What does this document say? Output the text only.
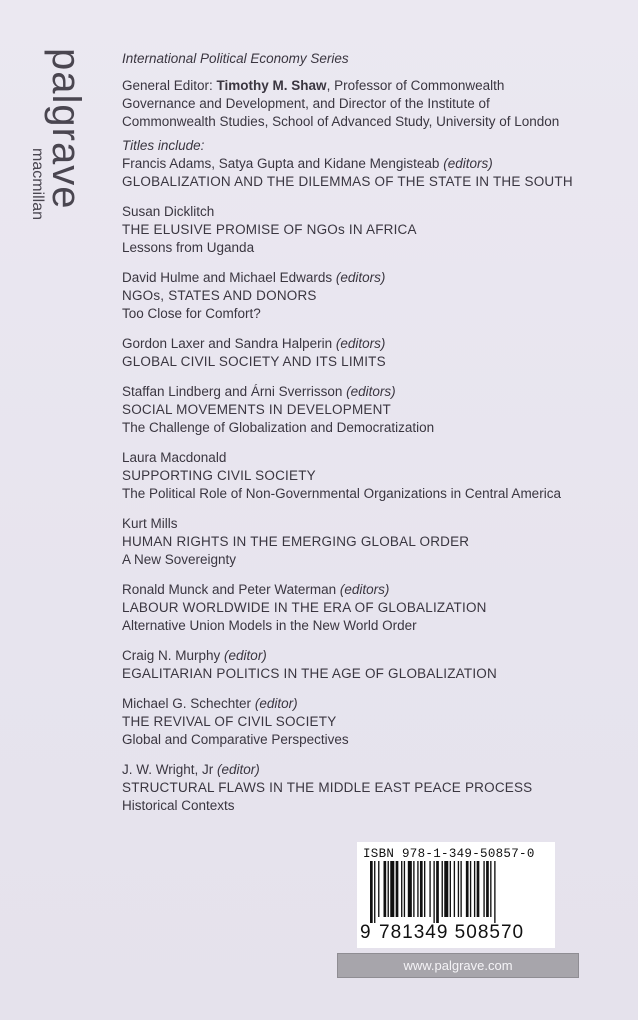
palgrave
macmillan

International Political Economy Series

General Editor: Timothy M. Shaw, Professor of Commonwealth
Governance and Development, and Director of the Institute of
Commonwealth Studies, School of Advanced Study, University of London

Titles include:

Francis Adams, Satya Gupta and Kidane Mengisteab (editors)
GLOBALIZATION AND THE DILEMMAS OF THE STATE IN THE SOUTH
Susan Dicklitch
THE ELUSIVE PROMISE OF NGOs IN AFRICA
Lessons from Uganda
David Hulme and Michael Edwards (editors)
NGOs, STATES AND DONORS
Too Close for Comfort?
Gordon Laxer and Sandra Halperin (editors)
GLOBAL CIVIL SOCIETY AND ITS LIMITS
Staffan Lindberg and Árni Sverrisson (editors)
SOCIAL MOVEMENTS IN DEVELOPMENT
The Challenge of Globalization and Democratization
Laura Macdonald
SUPPORTING CIVIL SOCIETY
The Political Role of Non-Governmental Organizations in Central America
Kurt Mills
HUMAN RIGHTS IN THE EMERGING GLOBAL ORDER
A New Sovereignty
Ronald Munck and Peter Waterman (editors)
LABOUR WORLDWIDE IN THE ERA OF GLOBALIZATION
Alternative Union Models in the New World Order
Craig N. Murphy (editor)
EGALITARIAN POLITICS IN THE AGE OF GLOBALIZATION
Michael G. Schechter (editor)
THE REVIVAL OF CIVIL SOCIETY
Global and Comparative Perspectives
J. W. Wright, Jr (editor)
STRUCTURAL FLAWS IN THE MIDDLE EAST PEACE PROCESS
Historical Contexts
ISBN 978-1-349-50857-0
9 781349 508570
www.palgrave.com
